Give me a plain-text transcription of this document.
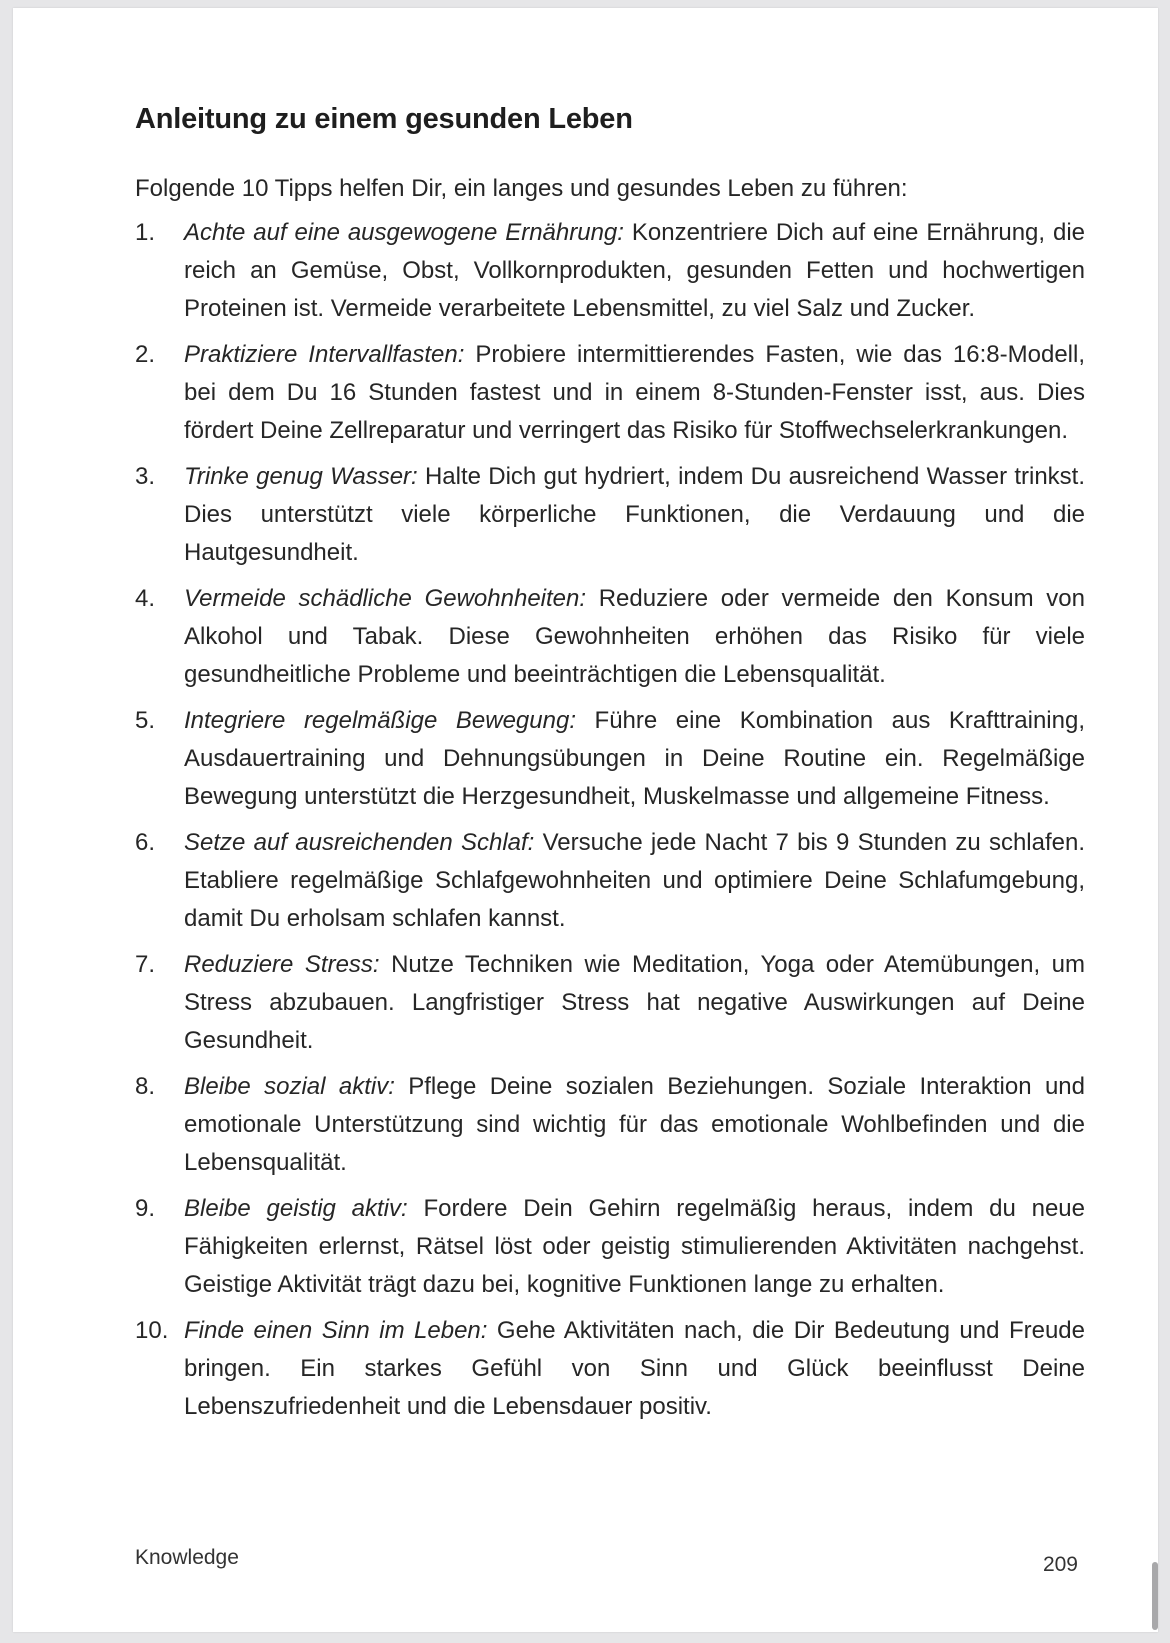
Anleitung zu einem gesunden Leben

Folgende 10 Tipps helfen Dir, ein langes und gesundes Leben zu führen:

1.	Achte auf eine ausgewogene Ernährung: Konzentriere Dich auf eine Ernährung, die reich an Gemüse, Obst, Vollkornprodukten, gesunden Fetten und hochwertigen Proteinen ist. Vermeide verarbeitete Lebensmittel, zu viel Salz und Zucker.
2.	Praktiziere Intervallfasten: Probiere intermittierendes Fasten, wie das 16:8-Modell, bei dem Du 16 Stunden fastest und in einem 8-Stunden-Fenster isst, aus. Dies fördert Deine Zellreparatur und verringert das Risiko für Stoffwechselerkrankungen.
3.	Trinke genug Wasser: Halte Dich gut hydriert, indem Du ausreichend Wasser trinkst. Dies unterstützt viele körperliche Funktionen, die Verdauung und die Hautgesundheit.
4.	Vermeide schädliche Gewohnheiten: Reduziere oder vermeide den Konsum von Alkohol und Tabak. Diese Gewohnheiten erhöhen das Risiko für viele gesundheitliche Probleme und beeinträchtigen die Lebensqualität.
5.	Integriere regelmäßige Bewegung: Führe eine Kombination aus Krafttraining, Ausdauertraining und Dehnungsübungen in Deine Routine ein. Regelmäßige Bewegung unterstützt die Herzgesundheit, Muskelmasse und allgemeine Fitness.
6.	Setze auf ausreichenden Schlaf: Versuche jede Nacht 7 bis 9 Stunden zu schlafen. Etabliere regelmäßige Schlafgewohnheiten und optimiere Deine Schlafumgebung, damit Du erholsam schlafen kannst.
7.	Reduziere Stress: Nutze Techniken wie Meditation, Yoga oder Atemübungen, um Stress abzubauen. Langfristiger Stress hat negative Auswirkungen auf Deine Gesundheit.
8.	Bleibe sozial aktiv: Pflege Deine sozialen Beziehungen. Soziale Interaktion und emotionale Unterstützung sind wichtig für das emotionale Wohlbefinden und die Lebensqualität.
9.	Bleibe geistig aktiv: Fordere Dein Gehirn regelmäßig heraus, indem du neue Fähigkeiten erlernst, Rätsel löst oder geistig stimulierenden Aktivitäten nachgehst. Geistige Aktivität trägt dazu bei, kognitive Funktionen lange zu erhalten.
10. Finde einen Sinn im Leben: Gehe Aktivitäten nach, die Dir Bedeutung und Freude bringen. Ein starkes Gefühl von Sinn und Glück beeinflusst Deine Lebenszufriedenheit und die Lebensdauer positiv.
Knowledge	209
